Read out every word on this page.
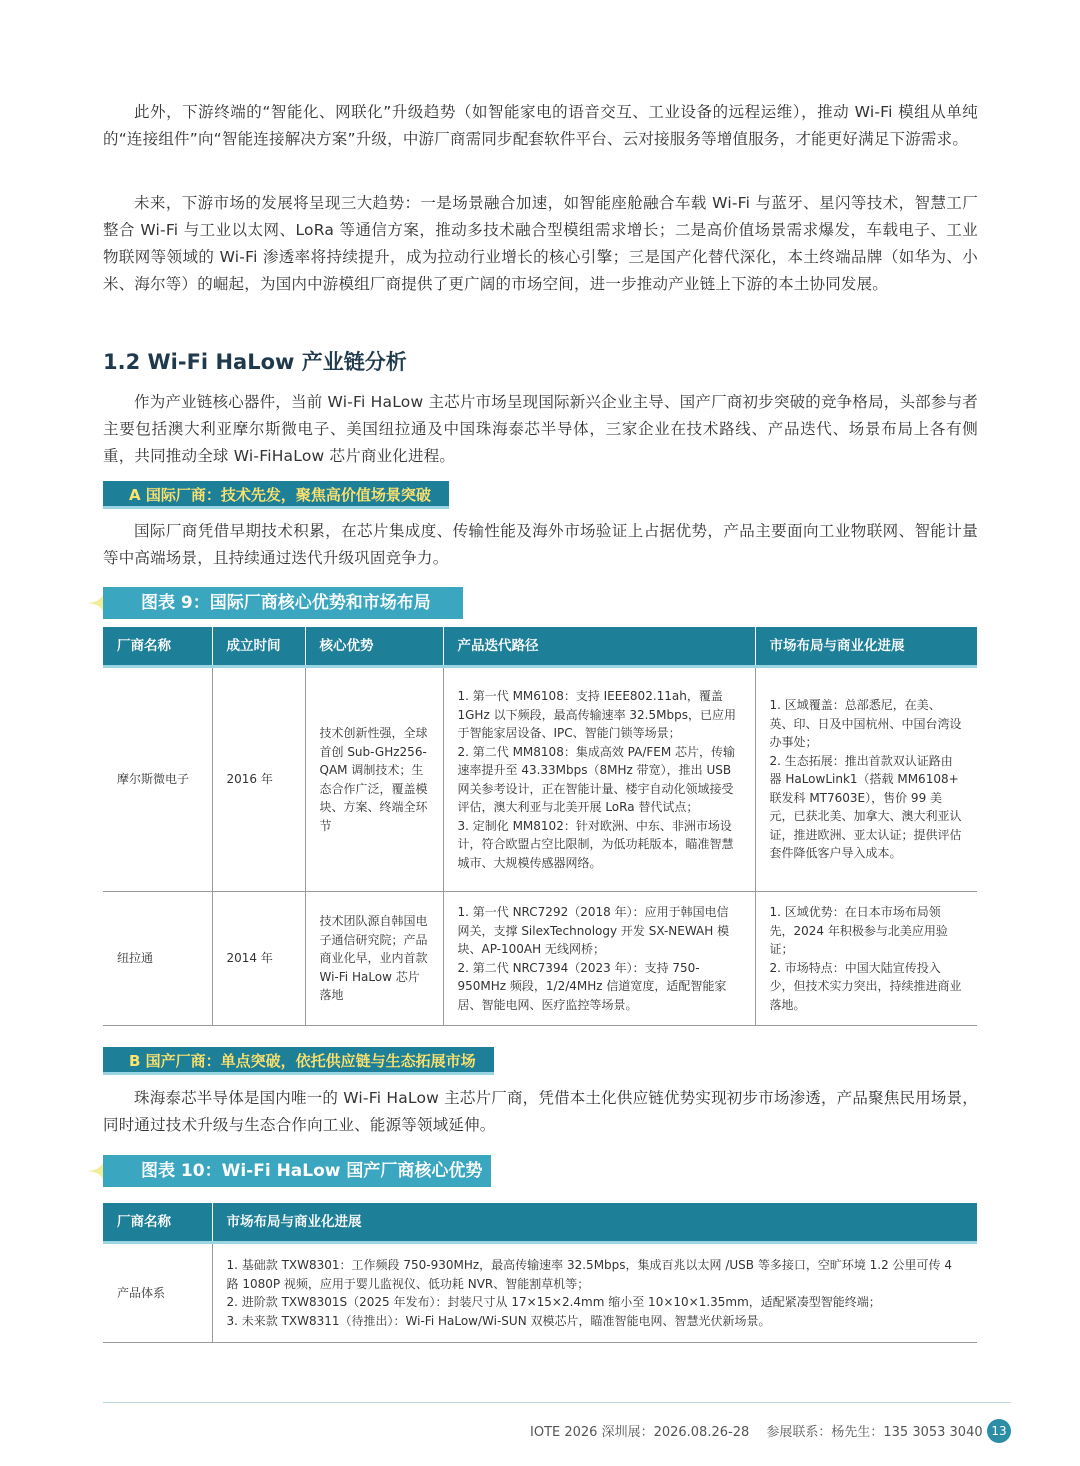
此外，下游终端的“智能化、网联化”升级趋势（如智能家电的语音交互、工业设备的远程运维），推动 Wi-Fi 模组从单纯的“连接组件”向“智能连接解决方案”升级，中游厂商需同步配套软件平台、云对接服务等增值服务，才能更好满足下游需求。

未来，下游市场的发展将呈现三大趋势：一是场景融合加速，如智能座舱融合车载 Wi-Fi 与蓝牙、星闪等技术，智慧工厂整合 Wi-Fi 与工业以太网、LoRa 等通信方案，推动多技术融合型模组需求增长；二是高价值场景需求爆发，车载电子、工业物联网等领域的 Wi-Fi 渗透率将持续提升，成为拉动行业增长的核心引擎；三是国产化替代深化，本土终端品牌（如华为、小米、海尔等）的崛起，为国内中游模组厂商提供了更广阔的市场空间，进一步推动产业链上下游的本土协同发展。

1.2 Wi-Fi HaLow 产业链分析

作为产业链核心器件，当前 Wi-Fi HaLow 主芯片市场呈现国际新兴企业主导、国产厂商初步突破的竞争格局，头部参与者主要包括澳大利亚摩尔斯微电子、美国纽拉通及中国珠海泰芯半导体，三家企业在技术路线、产品迭代、场景布局上各有侧重，共同推动全球 Wi-FiHaLow 芯片商业化进程。

A 国际厂商：技术先发，聚焦高价值场景突破

国际厂商凭借早期技术积累，在芯片集成度、传输性能及海外市场验证上占据优势，产品主要面向工业物联网、智能计量等中高端场景，且持续通过迭代升级巩固竞争力。

图表 9：国际厂商核心优势和市场布局
厂商名称	成立时间	核心优势	产品迭代路径	市场布局与商业化进展
摩尔斯微电子	2016 年	技术创新性强，全球首创 Sub-GHz256-QAM 调制技术；生态合作广泛，覆盖模块、方案、终端全环节	1. 第一代 MM6108：支持 IEEE802.11ah，覆盖 1GHz 以下频段，最高传输速率 32.5Mbps，已应用于智能家居设备、IPC、智能门锁等场景；
2. 第二代 MM8108：集成高效 PA/FEM 芯片，传输速率提升至 43.33Mbps（8MHz 带宽），推出 USB 网关参考设计，正在智能计量、楼宇自动化领域接受评估，澳大利亚与北美开展 LoRa 替代试点；
3. 定制化 MM8102：针对欧洲、中东、非洲市场设计，符合欧盟占空比限制，为低功耗版本，瞄准智慧城市、大规模传感器网络。	1. 区域覆盖：总部悉尼，在美、英、印、日及中国杭州、中国台湾设办事处；
2. 生态拓展：推出首款双认证路由器 HaLowLink1（搭载 MM6108+ 联发科 MT7603E），售价 99 美元，已获北美、加拿大、澳大利亚认证，推进欧洲、亚太认证；提供评估套件降低客户导入成本。
纽拉通	2014 年	技术团队源自韩国电子通信研究院；产品商业化早，业内首款 Wi-Fi HaLow 芯片落地	1. 第一代 NRC7292（2018 年）：应用于韩国电信网关，支撑 SilexTechnology 开发 SX-NEWAH 模块、AP-100AH 无线网桥；
2. 第二代 NRC7394（2023 年）：支持 750-950MHz 频段，1/2/4MHz 信道宽度，适配智能家居、智能电网、医疗监控等场景。	1. 区域优势：在日本市场布局领先，2024 年积极参与北美应用验证；
2. 市场特点：中国大陆宣传投入少，但技术实力突出，持续推进商业落地。
B 国产厂商：单点突破，依托供应链与生态拓展市场

珠海泰芯半导体是国内唯一的 Wi-Fi HaLow 主芯片厂商，凭借本土化供应链优势实现初步市场渗透，产品聚焦民用场景，同时通过技术升级与生态合作向工业、能源等领域延伸。

图表 10：Wi-Fi HaLow 国产厂商核心优势
厂商名称	市场布局与商业化进展
产品体系	1. 基础款 TXW8301：工作频段 750-930MHz，最高传输速率 32.5Mbps，集成百兆以太网 /USB 等多接口，空旷环境 1.2 公里可传 4 路 1080P 视频，应用于婴儿监视仪、低功耗 NVR、智能割草机等；
2. 进阶款 TXW8301S（2025 年发布）：封装尺寸从 17×15×2.4mm 缩小至 10×10×1.35mm，适配紧凑型智能终端；
3. 未来款 TXW8311（待推出）：Wi-Fi HaLow/Wi-SUN 双模芯片，瞄准智能电网、智慧光伏新场景。
IOTE 2026 深圳展：2026.08.26-28　 参展联系：杨先生：135 3053 3040 13
